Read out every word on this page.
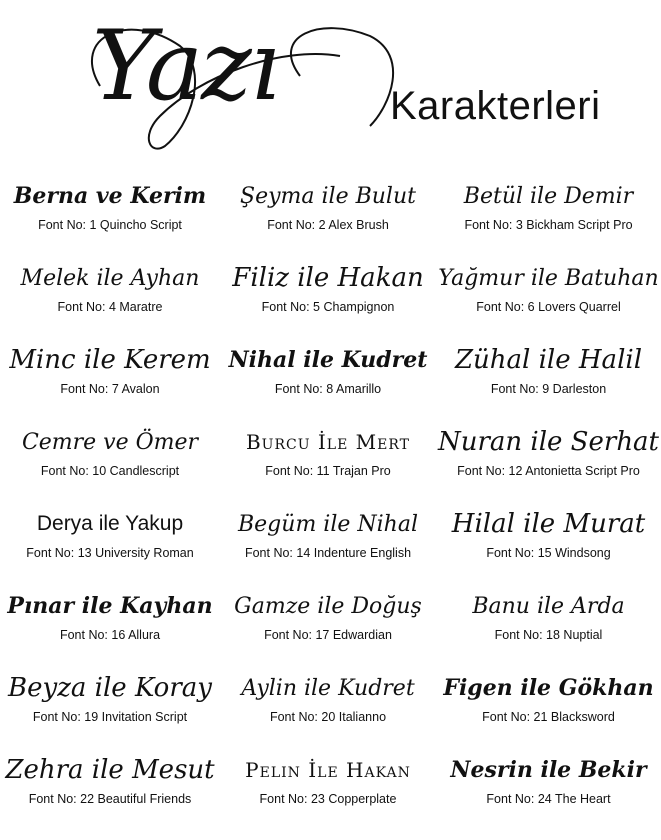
Yazı	Karakterleri
Berna ve Kerim
Font No: 1 Quincho Script
Şeyma ile Bulut
Font No: 2 Alex Brush
Betül ile Demir
Font No: 3 Bickham Script Pro
Melek ile Ayhan
Font No: 4 Maratre
Filiz ile Hakan
Font No: 5 Champignon
Yağmur ile Batuhan
Font No: 6 Lovers Quarrel
Minc ile Kerem
Font No: 7 Avalon
Nihal ile Kudret
Font No: 8 Amarillo
Zühal ile Halil
Font No: 9 Darleston
Cemre ve Ömer
Font No: 10 Candlescript
Burcu İle Mert
Font No: 11 Trajan Pro
Nuran ile Serhat
Font No: 12 Antonietta Script Pro
Derya ile Yakup
Font No: 13 University Roman
Begüm ile Nihal
Font No: 14 Indenture English
Hilal ile Murat
Font No: 15 Windsong
Pınar ile Kayhan
Font No: 16 Allura
Gamze ile Doğuş
Font No: 17 Edwardian
Banu ile Arda
Font No: 18 Nuptial
Beyza ile Koray
Font No: 19 Invitation Script
Aylin ile Kudret
Font No: 20 Italianno
Figen ile Gökhan
Font No: 21 Blacksword
Zehra ile Mesut
Font No: 22 Beautiful Friends
Pelin İle Hakan
Font No: 23 Copperplate
Nesrin ile Bekir
Font No: 24 The Heart
